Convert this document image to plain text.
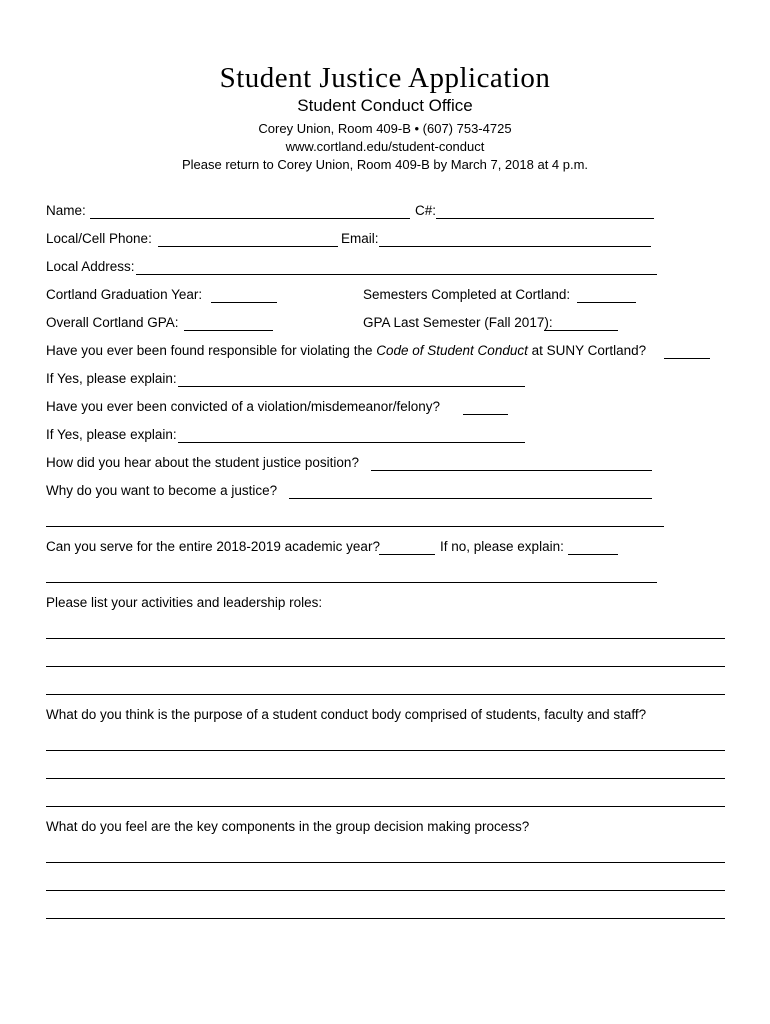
Student Justice Application
Student Conduct Office
Corey Union, Room 409-B • (607) 753-4725
www.cortland.edu/student-conduct
Please return to Corey Union, Room 409-B by March 7, 2018 at 4 p.m.
Name:	C#:
Local/Cell Phone:	Email:
Local Address:
Cortland Graduation Year:	Semesters Completed at Cortland:
Overall Cortland GPA:	GPA Last Semester (Fall 2017):
Have you ever been found responsible for violating the Code of Student Conduct at SUNY Cortland?
If Yes, please explain:
Have you ever been convicted of a violation/misdemeanor/felony?
If Yes, please explain:
How did you hear about the student justice position?
Why do you want to become a justice?
Can you serve for the entire 2018-2019 academic year?	If no, please explain:
Please list your activities and leadership roles:
What do you think is the purpose of a student conduct body comprised of students, faculty and staff?
What do you feel are the key components in the group decision making process?
